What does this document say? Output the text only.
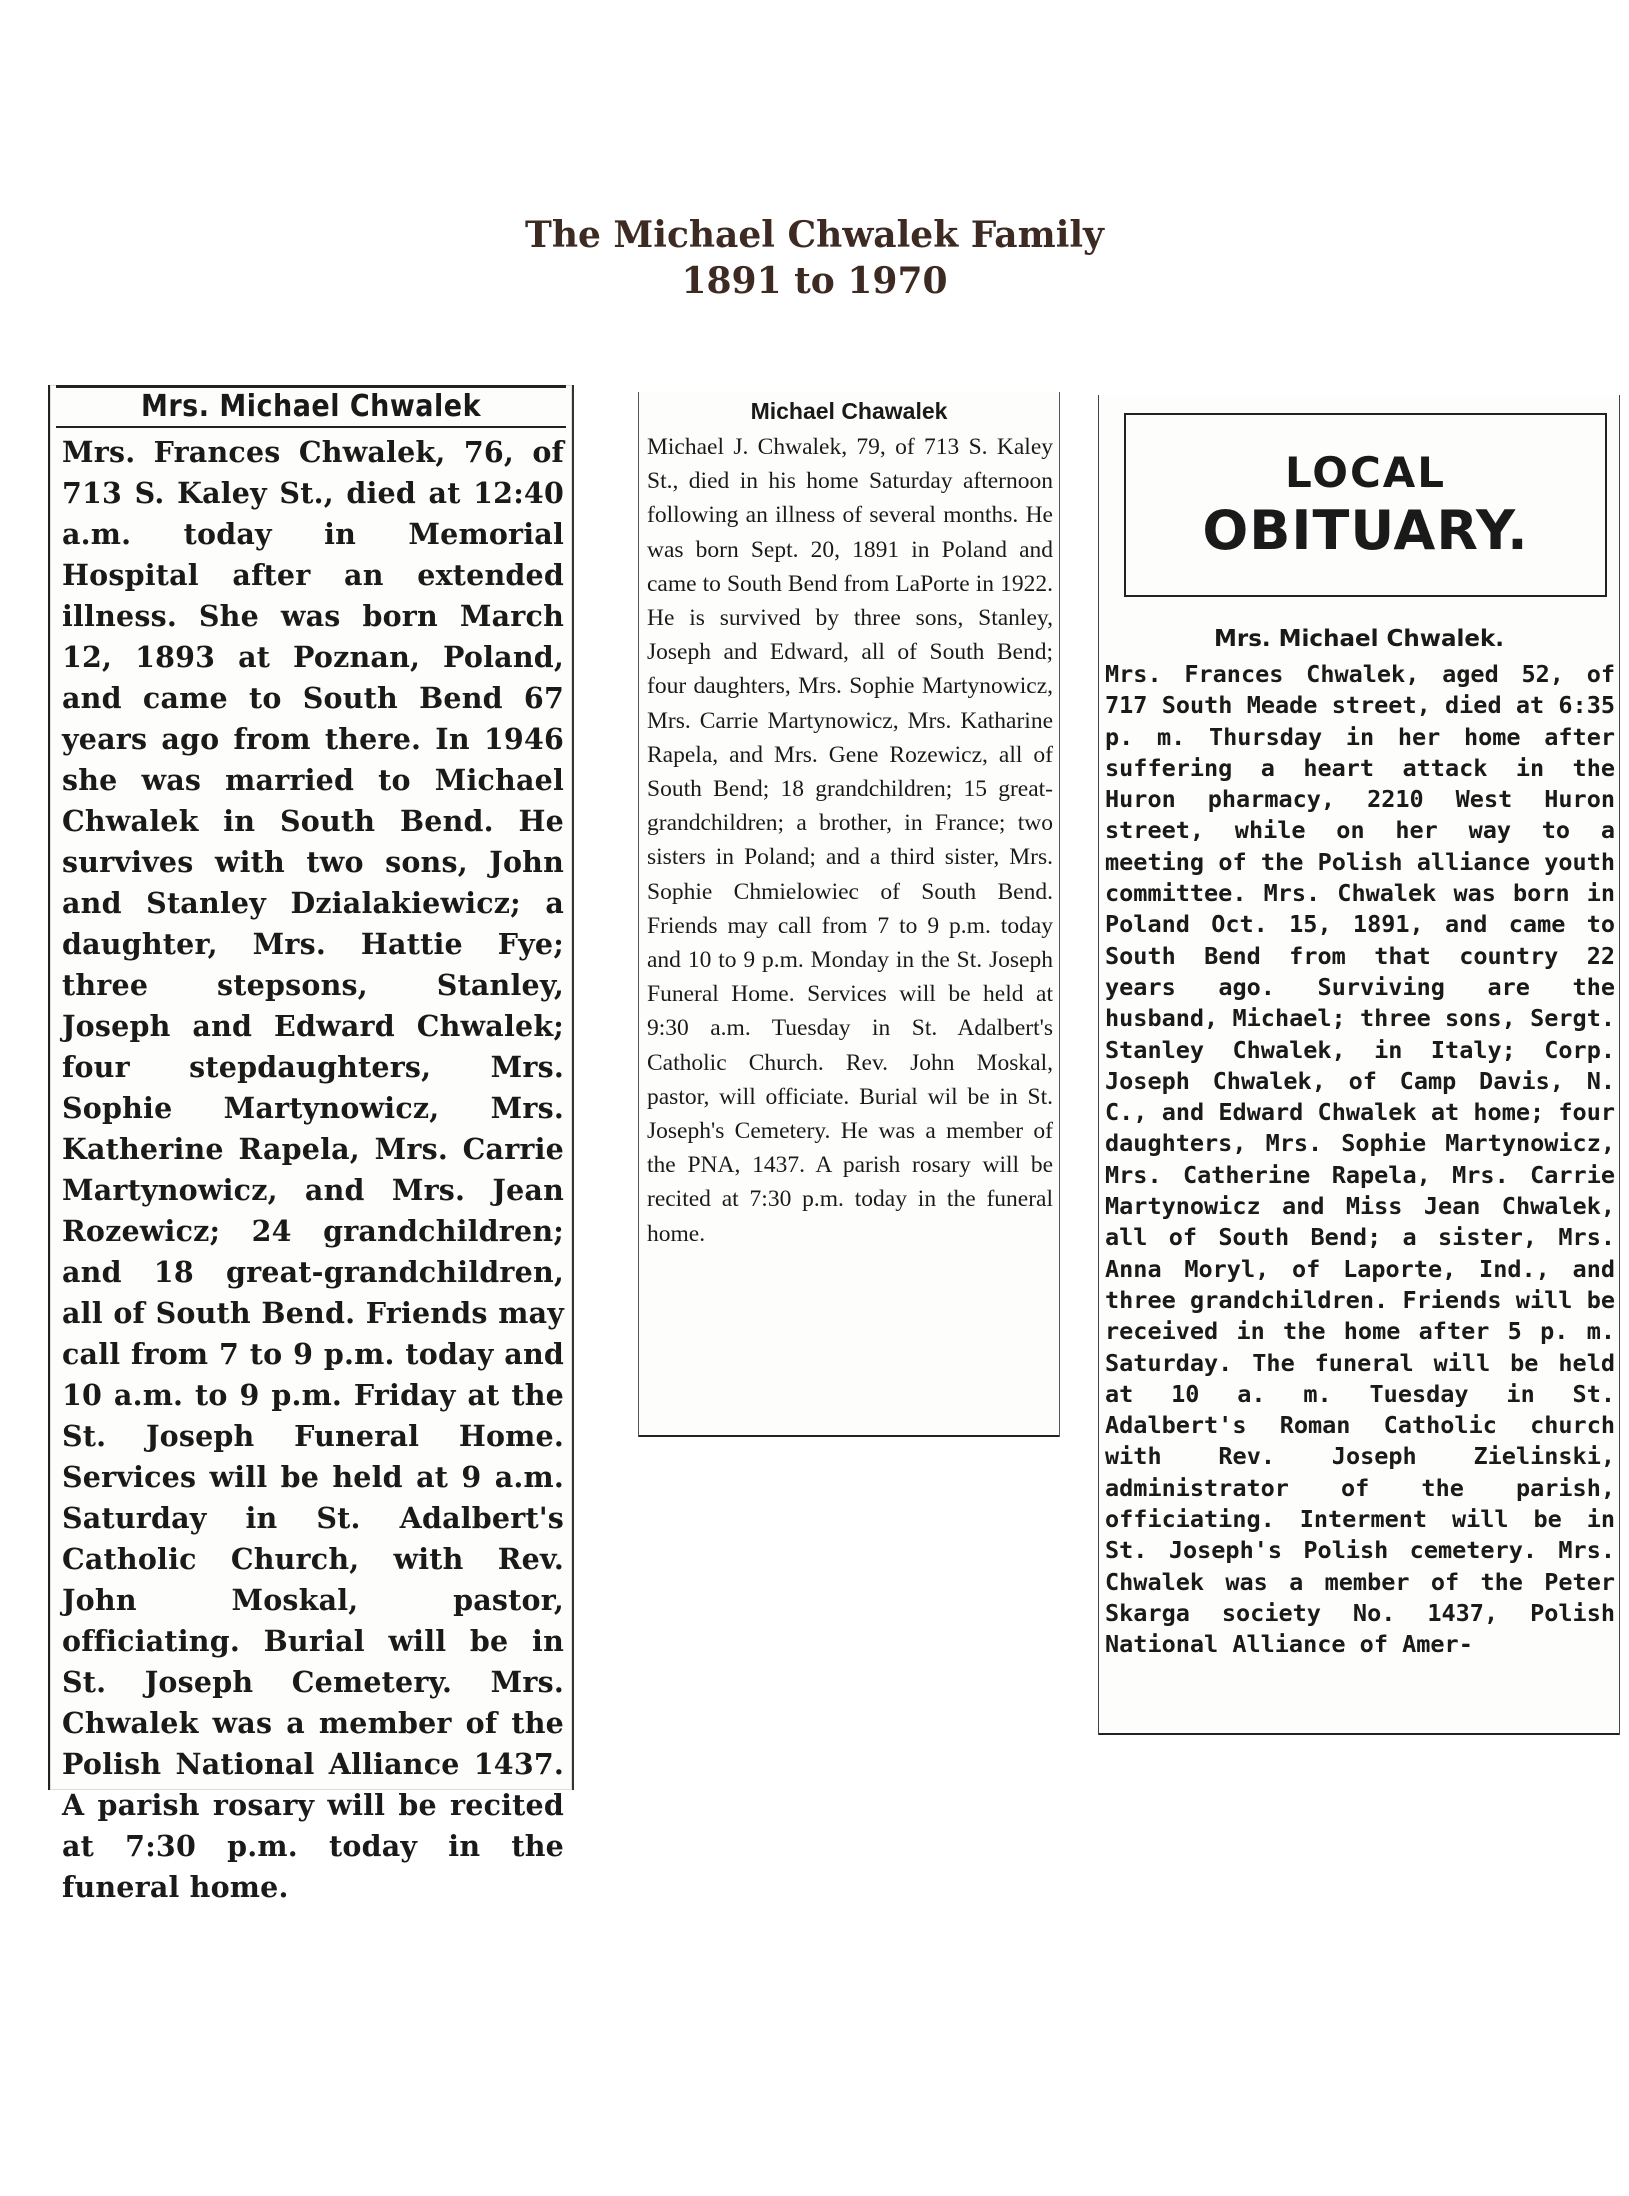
The Michael Chwalek Family
1891 to 1970
Mrs. Michael Chwalek

Mrs. Frances Chwalek, 76, of 713 S. Kaley St., died at 12:40 a.m. today in Memorial Hospital after an extended illness. She was born March 12, 1893 at Poznan, Poland, and came to South Bend 67 years ago from there. In 1946 she was married to Michael Chwalek in South Bend. He survives with two sons, John and Stanley Dzialakiewicz; a daughter, Mrs. Hattie Fye; three stepsons, Stanley, Joseph and Edward Chwalek; four stepdaughters, Mrs. Sophie Martynowicz, Mrs. Katherine Rapela, Mrs. Carrie Martynowicz, and Mrs. Jean Rozewicz; 24 grandchildren; and 18 great-grandchildren, all of South Bend. Friends may call from 7 to 9 p.m. today and 10 a.m. to 9 p.m. Friday at the St. Joseph Funeral Home. Services will be held at 9 a.m. Saturday in St. Adalbert's Catholic Church, with Rev. John Moskal, pastor, officiating. Burial will be in St. Joseph Cemetery. Mrs. Chwalek was a member of the Polish National Alliance 1437. A parish rosary will be recited at 7:30 p.m. today in the funeral home.

Michael Chawalek

Michael J. Chwalek, 79, of 713 S. Kaley St., died in his home Saturday afternoon following an illness of several months. He was born Sept. 20, 1891 in Poland and came to South Bend from LaPorte in 1922. He is survived by three sons, Stanley, Joseph and Edward, all of South Bend; four daughters, Mrs. Sophie Martynowicz, Mrs. Carrie Martynowicz, Mrs. Katharine Rapela, and Mrs. Gene Rozewicz, all of South Bend; 18 grandchildren; 15 great-grandchildren; a brother, in France; two sisters in Poland; and a third sister, Mrs. Sophie Chmielowiec of South Bend. Friends may call from 7 to 9 p.m. today and 10 to 9 p.m. Monday in the St. Joseph Funeral Home. Services will be held at 9:30 a.m. Tuesday in St. Adalbert's Catholic Church. Rev. John Moskal, pastor, will officiate. Burial wil be in St. Joseph's Cemetery. He was a member of the PNA, 1437. A parish rosary will be recited at 7:30 p.m. today in the funeral home.

LOCAL
OBITUARY.
Mrs. Michael Chwalek.

Mrs. Frances Chwalek, aged 52, of 717 South Meade street, died at 6:35 p. m. Thursday in her home after suffering a heart attack in the Huron pharmacy, 2210 West Huron street, while on her way to a meeting of the Polish alliance youth committee. Mrs. Chwalek was born in Poland Oct. 15, 1891, and came to South Bend from that country 22 years ago. Surviving are the husband, Michael; three sons, Sergt. Stanley Chwalek, in Italy; Corp. Joseph Chwalek, of Camp Davis, N. C., and Edward Chwalek at home; four daughters, Mrs. Sophie Martynowicz, Mrs. Catherine Rapela, Mrs. Carrie Martynowicz and Miss Jean Chwalek, all of South Bend; a sister, Mrs. Anna Moryl, of Laporte, Ind., and three grandchildren. Friends will be received in the home after 5 p. m. Saturday. The funeral will be held at 10 a. m. Tuesday in St. Adalbert's Roman Catholic church with Rev. Joseph Zielinski, administrator of the parish, officiating. Interment will be in St. Joseph's Polish cemetery. Mrs. Chwalek was a member of the Peter Skarga society No. 1437, Polish National Alliance of Amer-
